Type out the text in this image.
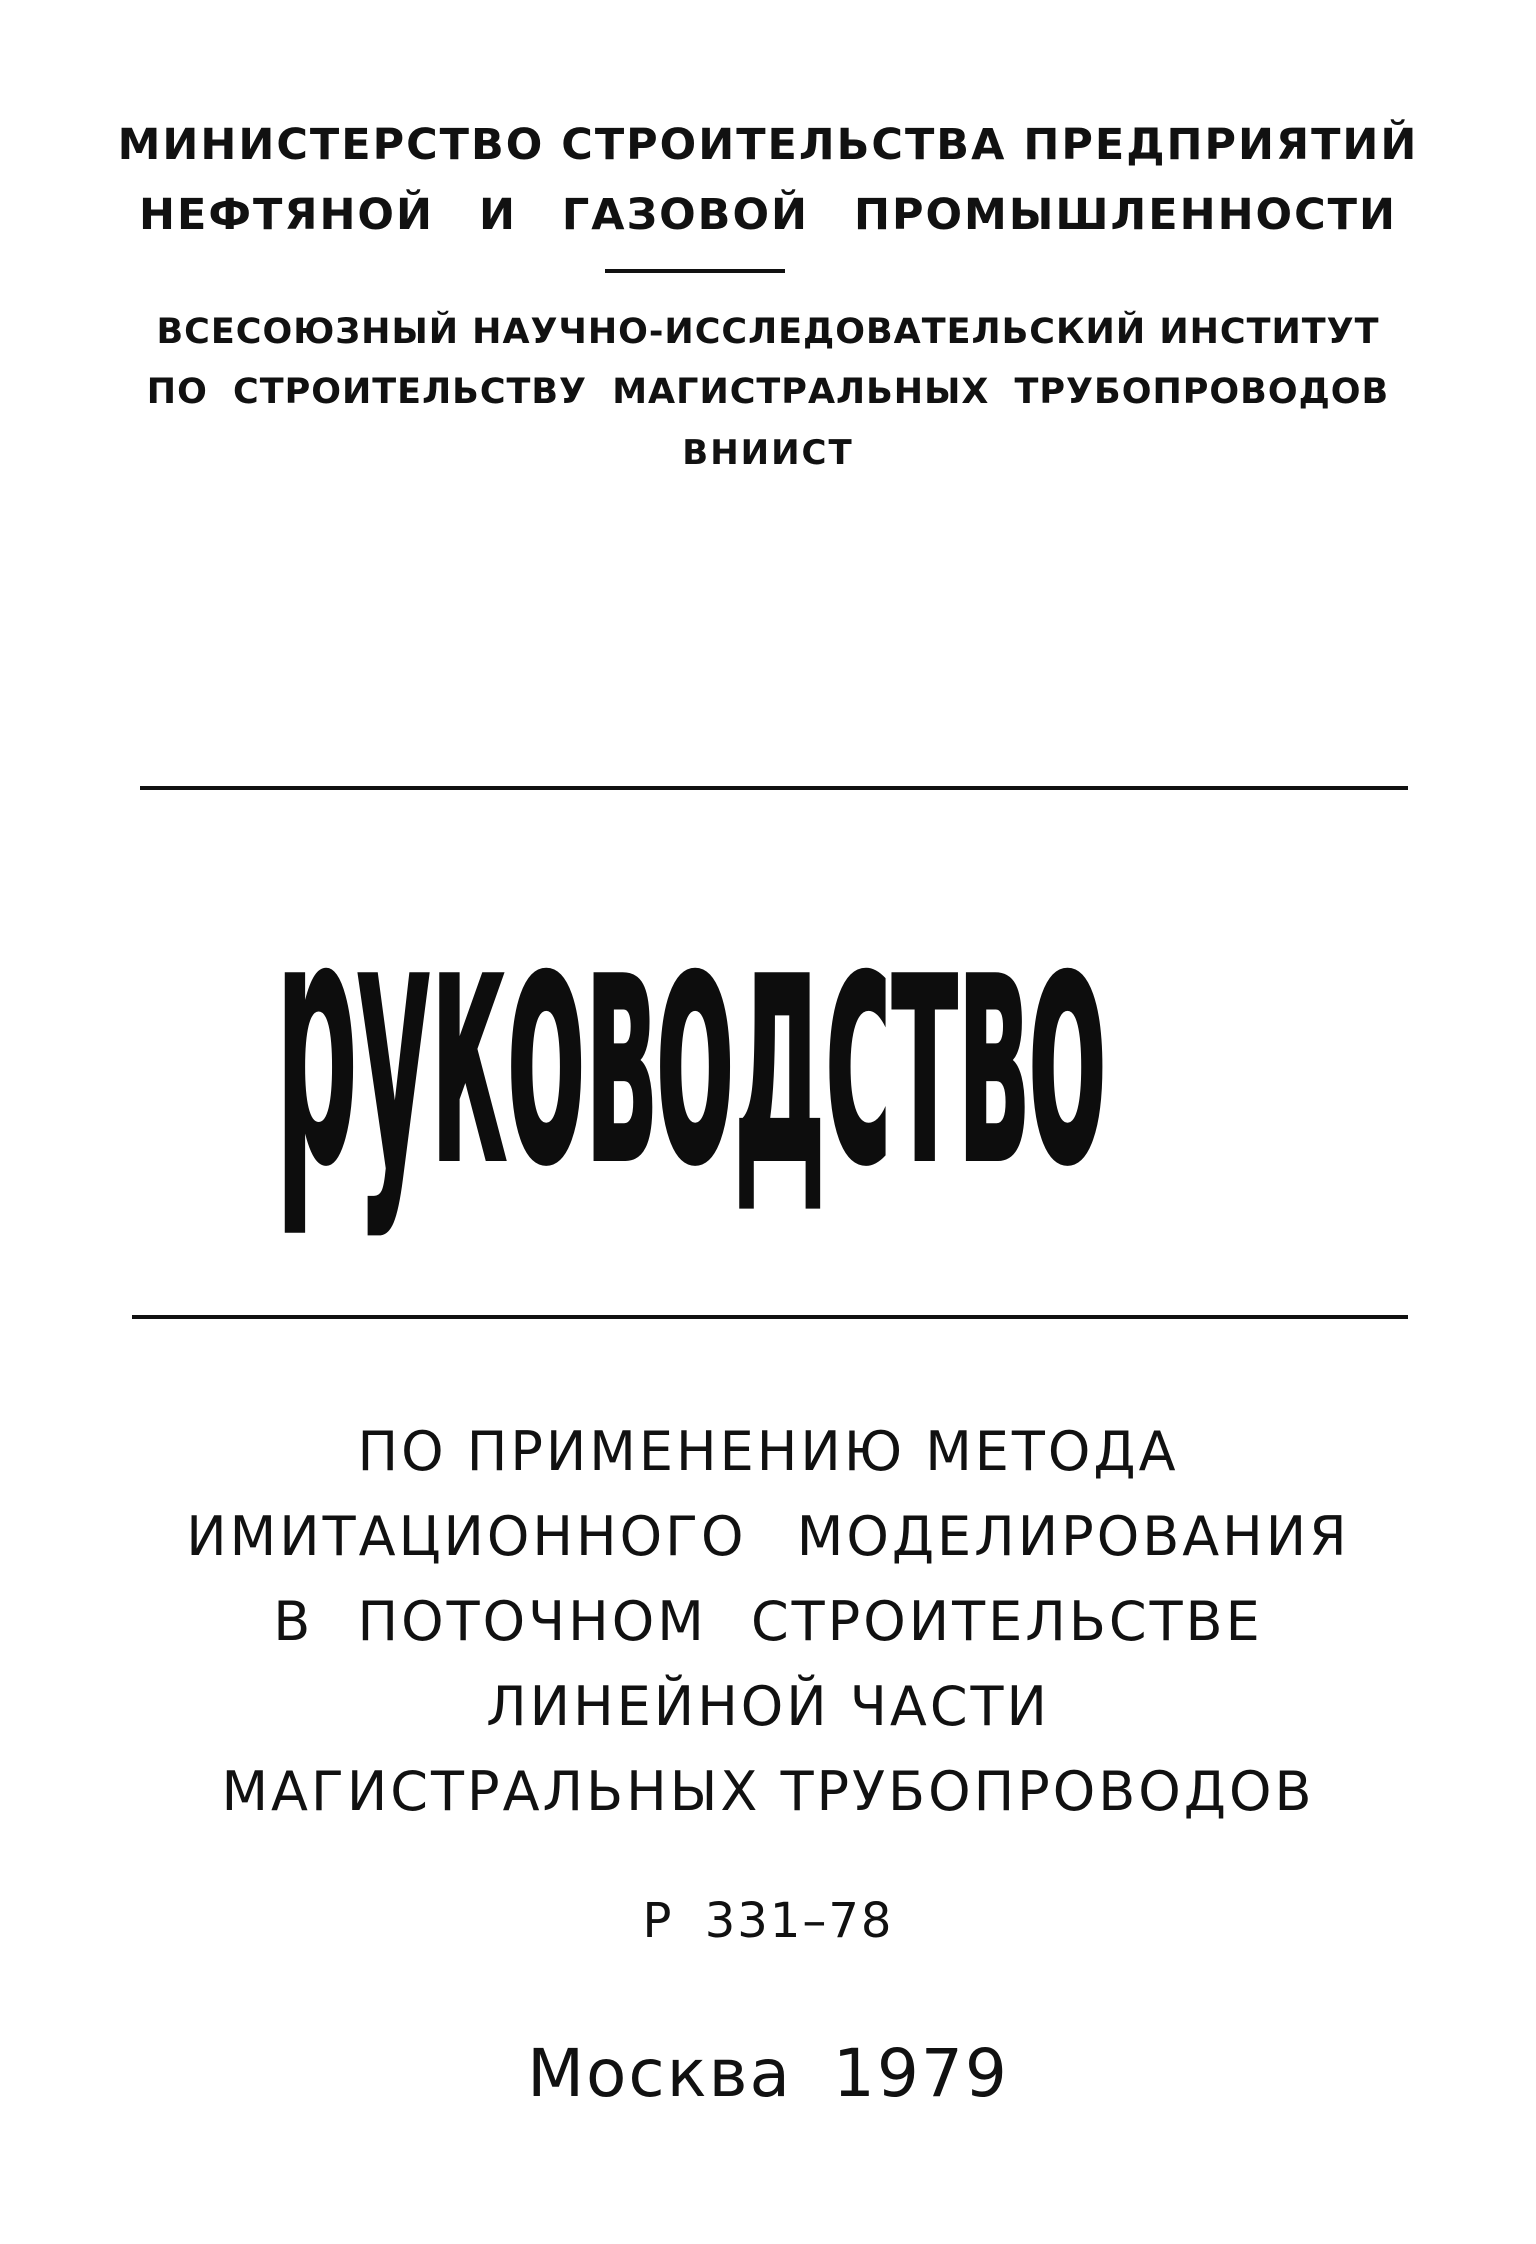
МИНИСТЕРСТВО СТРОИТЕЛЬСТВА ПРЕДПРИЯТИЙ

НЕФТЯНОЙ И ГАЗОВОЙ ПРОМЫШЛЕННОСТИ

ВСЕСОЮЗНЫЙ НАУЧНО-ИССЛЕДОВАТЕЛЬСКИЙ ИНСТИТУТ

ПО СТРОИТЕЛЬСТВУ МАГИСТРАЛЬНЫХ ТРУБОПРОВОДОВ

ВНИИСТ

руководство

ПО ПРИМЕНЕНИЮ МЕТОДА

ИМИТАЦИОННОГО МОДЕЛИРОВАНИЯ

В ПОТОЧНОМ СТРОИТЕЛЬСТВЕ

ЛИНЕЙНОЙ ЧАСТИ

МАГИСТРАЛЬНЫХ ТРУБОПРОВОДОВ

Р 331–78

Москва 1979
